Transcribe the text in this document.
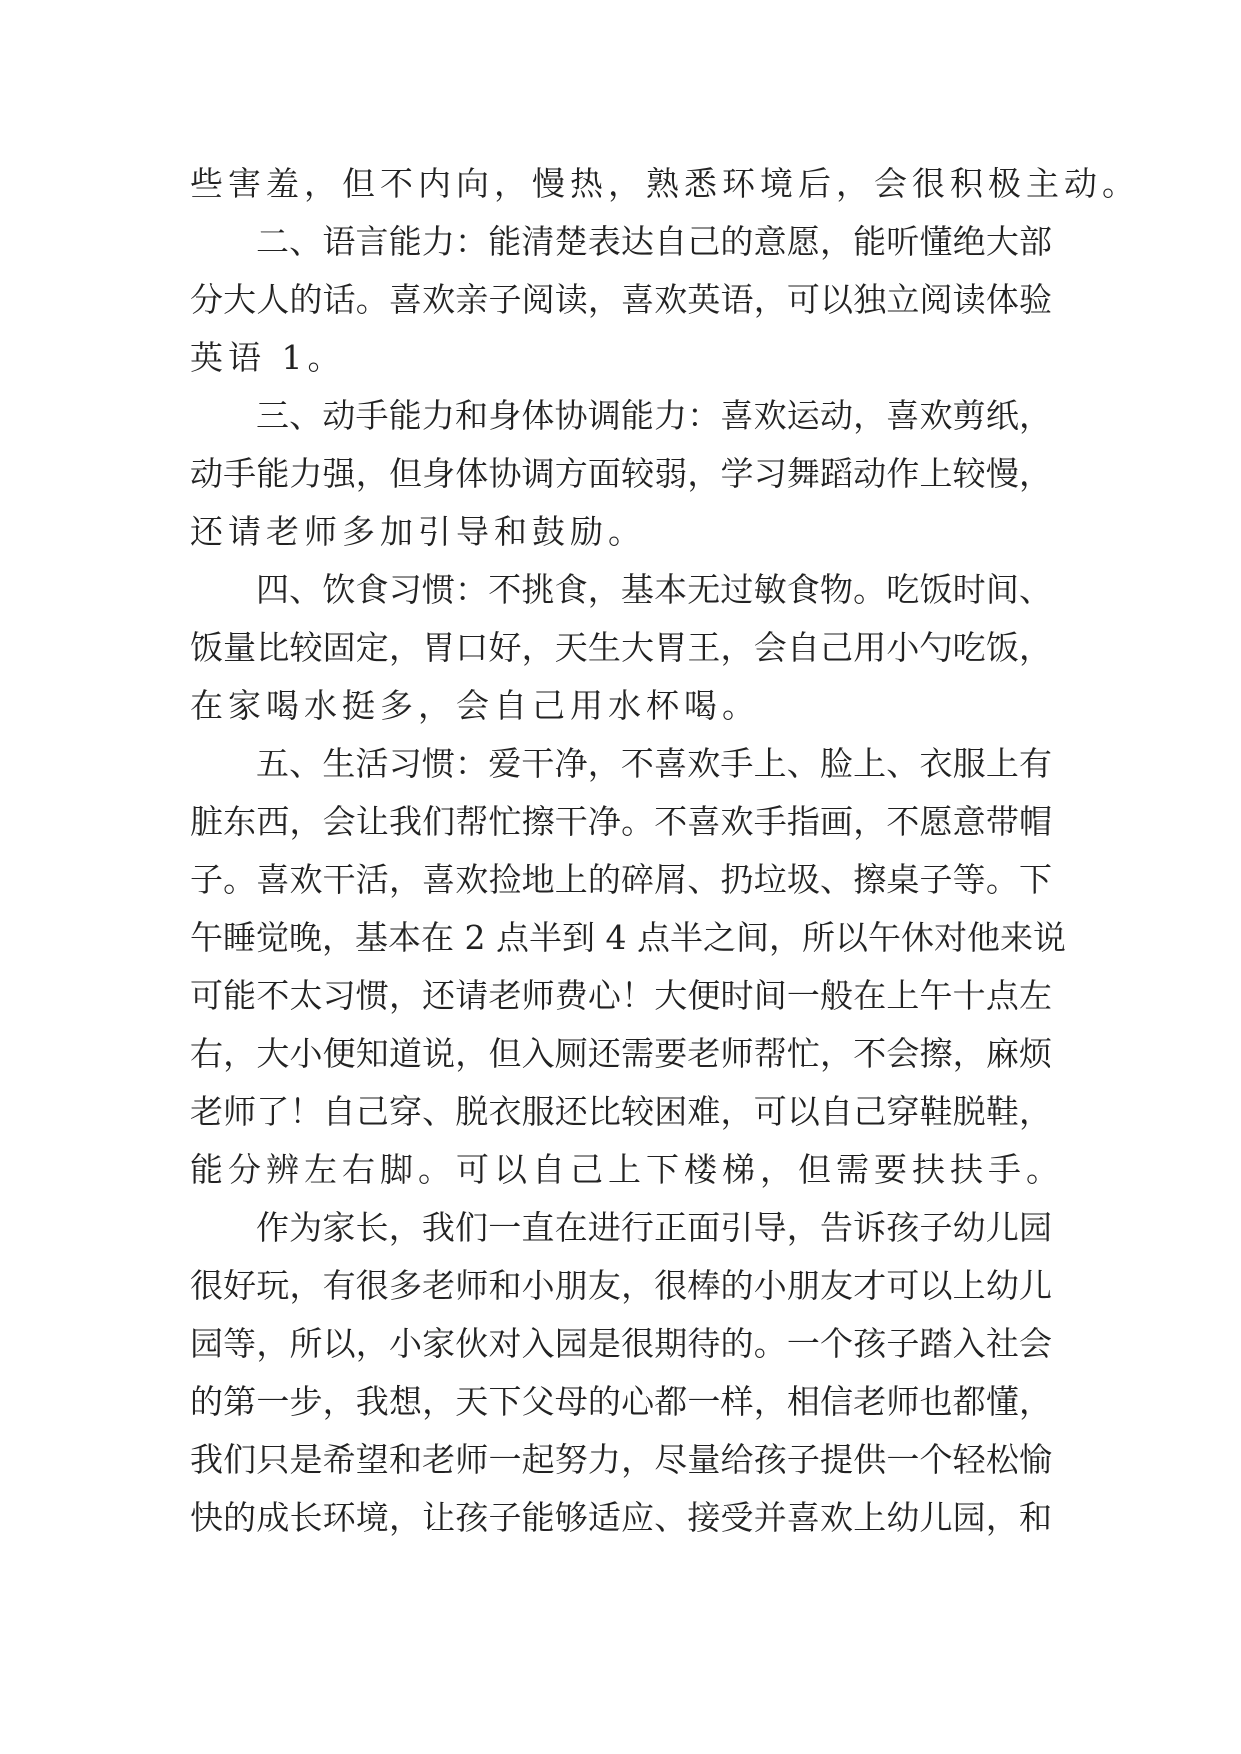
些害羞，但不内向，慢热，熟悉环境后，会很积极主动。
二、语言能力：能清楚表达自己的意愿，能听懂绝大部
分大人的话。喜欢亲子阅读，喜欢英语，可以独立阅读体验
英语 1。
三、动手能力和身体协调能力：喜欢运动，喜欢剪纸，
动手能力强，但身体协调方面较弱，学习舞蹈动作上较慢，
还请老师多加引导和鼓励。
四、饮食习惯：不挑食，基本无过敏食物。吃饭时间、
饭量比较固定，胃口好，天生大胃王，会自己用小勺吃饭，
在家喝水挺多，会自己用水杯喝。
五、生活习惯：爱干净，不喜欢手上、脸上、衣服上有
脏东西，会让我们帮忙擦干净。不喜欢手指画，不愿意带帽
子。喜欢干活，喜欢捡地上的碎屑、扔垃圾、擦桌子等。下
午睡觉晚，基本在 2 点半到 4 点半之间，所以午休对他来说
可能不太习惯，还请老师费心！大便时间一般在上午十点左
右，大小便知道说，但入厕还需要老师帮忙，不会擦，麻烦
老师了！自己穿、脱衣服还比较困难，可以自己穿鞋脱鞋，
能分辨左右脚。可以自己上下楼梯，但需要扶扶手。
作为家长，我们一直在进行正面引导，告诉孩子幼儿园
很好玩，有很多老师和小朋友，很棒的小朋友才可以上幼儿
园等，所以，小家伙对入园是很期待的。一个孩子踏入社会
的第一步，我想，天下父母的心都一样，相信老师也都懂，
我们只是希望和老师一起努力，尽量给孩子提供一个轻松愉
快的成长环境，让孩子能够适应、接受并喜欢上幼儿园，和
